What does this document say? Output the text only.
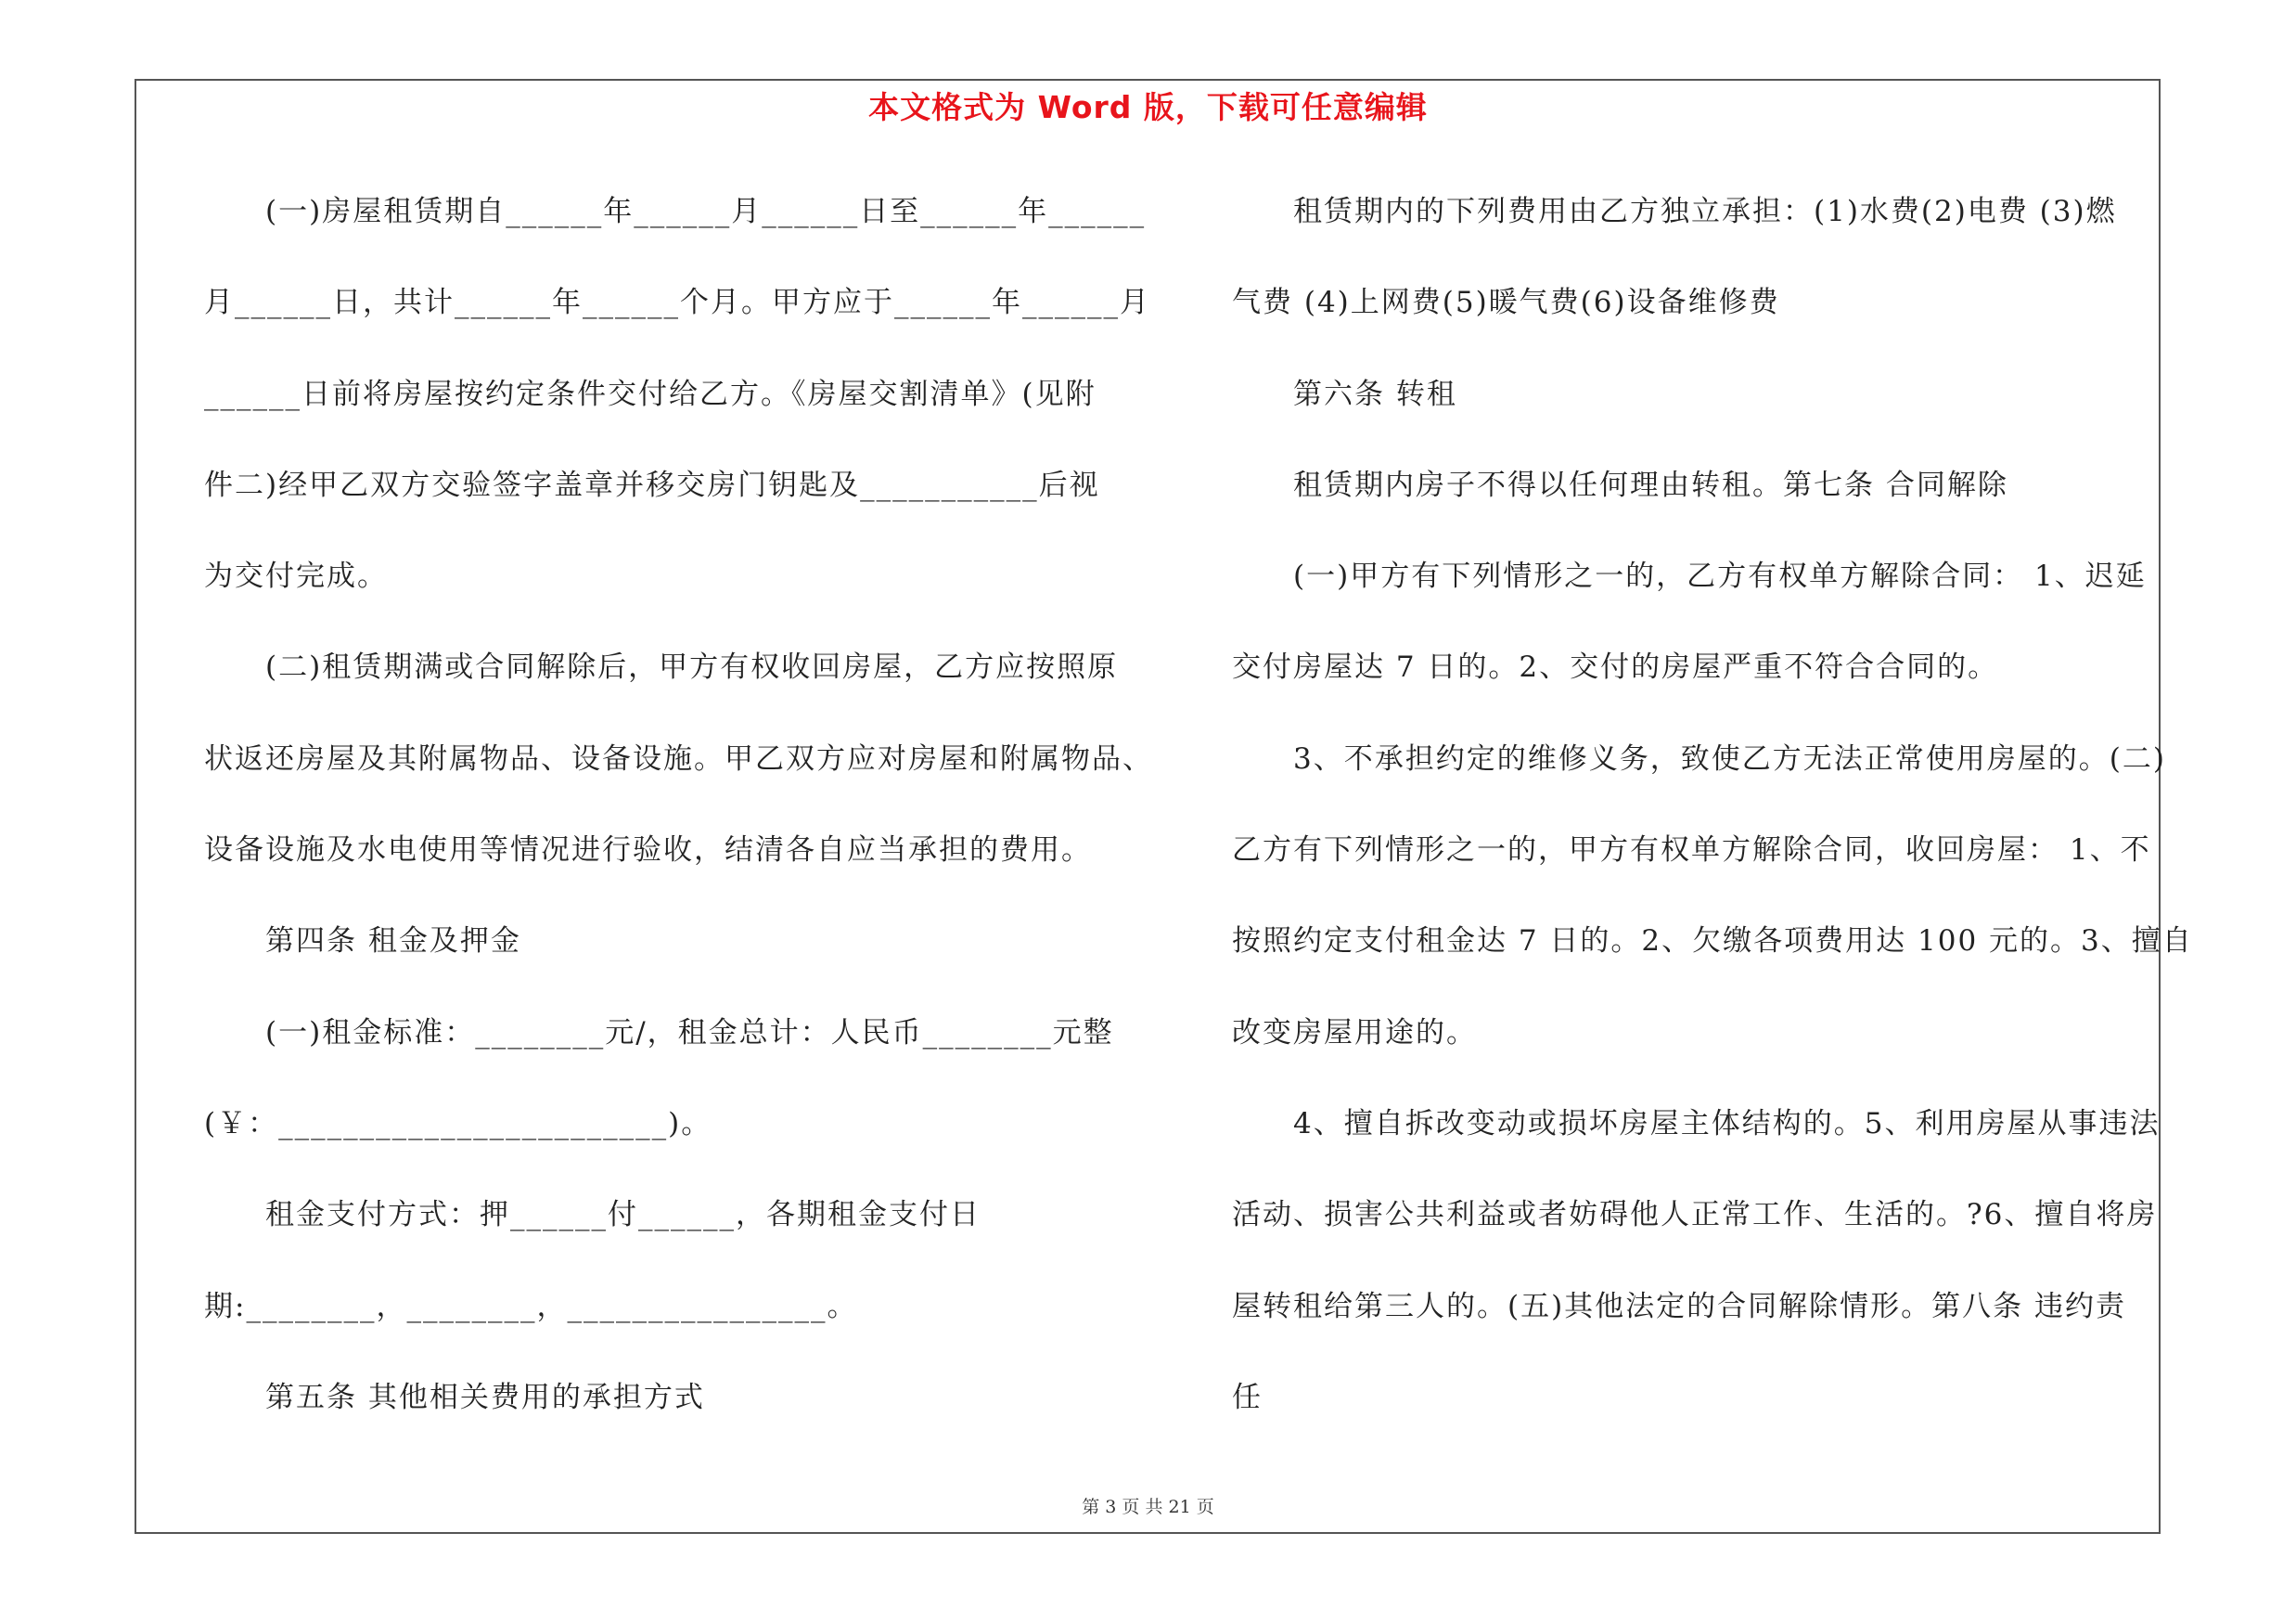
本文格式为 Word 版，下载可任意编辑
(一)房屋租赁期自______年______月______日至______年______
月______日，共计______年______个月。甲方应于______年______月
______日前将房屋按约定条件交付给乙方。《房屋交割清单》(见附
件二)经甲乙双方交验签字盖章并移交房门钥匙及___________后视
为交付完成。
(二)租赁期满或合同解除后，甲方有权收回房屋，乙方应按照原
状返还房屋及其附属物品、设备设施。甲乙双方应对房屋和附属物品、
设备设施及水电使用等情况进行验收，结清各自应当承担的费用。
第四条 租金及押金
(一)租金标准：________元/，租金总计：人民币________元整
(￥：________________________)。
租金支付方式：押______付______，各期租金支付日
期:________，________，________________。
第五条 其他相关费用的承担方式
租赁期内的下列费用由乙方独立承担：(1)水费(2)电费 (3)燃
气费 (4)上网费(5)暖气费(6)设备维修费
第六条 转租
租赁期内房子不得以任何理由转租。第七条 合同解除
(一)甲方有下列情形之一的，乙方有权单方解除合同： 1、迟延
交付房屋达 7 日的。2、交付的房屋严重不符合合同的。
3、不承担约定的维修义务，致使乙方无法正常使用房屋的。(二)
乙方有下列情形之一的，甲方有权单方解除合同，收回房屋： 1、不
按照约定支付租金达 7 日的。2、欠缴各项费用达 100 元的。3、擅自
改变房屋用途的。
4、擅自拆改变动或损坏房屋主体结构的。5、利用房屋从事违法
活动、损害公共利益或者妨碍他人正常工作、生活的。?6、擅自将房
屋转租给第三人的。(五)其他法定的合同解除情形。第八条 违约责
任
第 3 页 共 21 页
